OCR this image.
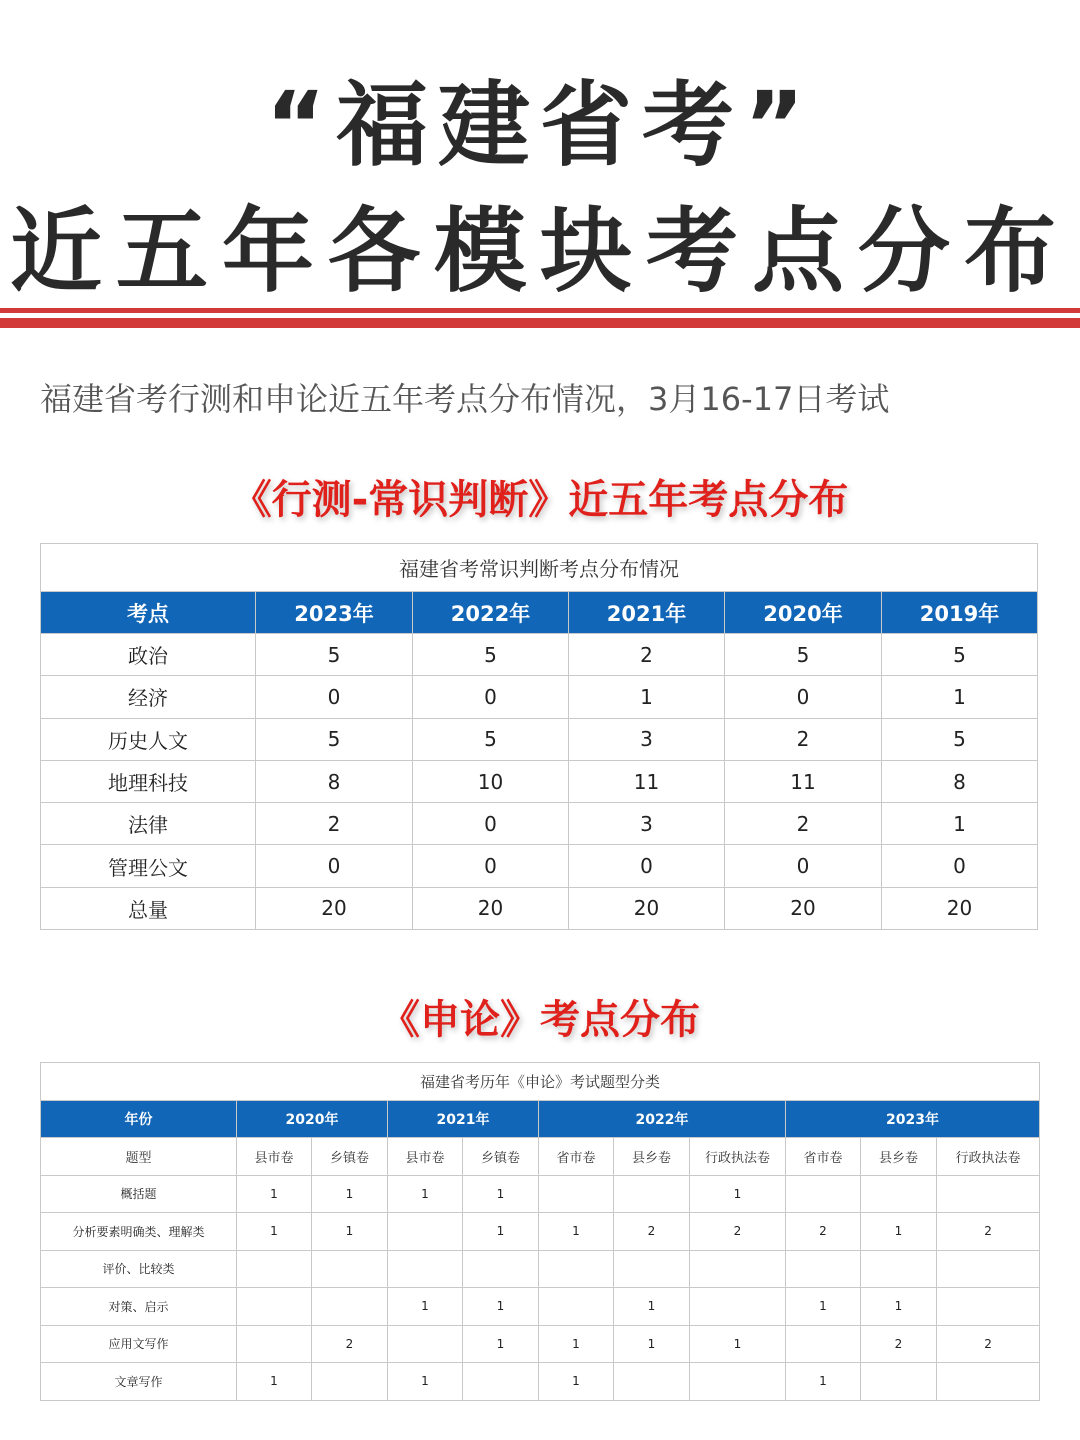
“福建省考”
近五年各模块考点分布
福建省考行测和申论近五年考点分布情况，3月16-17日考试
《行测-常识判断》近五年考点分布
福建省考常识判断考点分布情况					
考点	2023年	2022年	2021年	2020年	2019年
政治	5	5	2	5	5
经济	0	0	1	0	1
历史人文	5	5	3	2	5
地理科技	8	10	11	11	8
法律	2	0	3	2	1
管理公文	0	0	0	0	0
总量	20	20	20	20	20
《申论》考点分布
福建省考历年《申论》考试题型分类										
年份	2020年		2021年		2022年			2023年		
题型	县市卷	乡镇卷	县市卷	乡镇卷	省市卷	县乡卷	行政执法卷	省市卷	县乡卷	行政执法卷
概括题	1	1	1	1			1			
分析要素明确类、理解类	1	1		1	1	2	2	2	1	2
评价、比较类										
对策、启示			1	1		1		1	1	
应用文写作		2		1	1	1	1		2	2
文章写作	1		1		1			1		
